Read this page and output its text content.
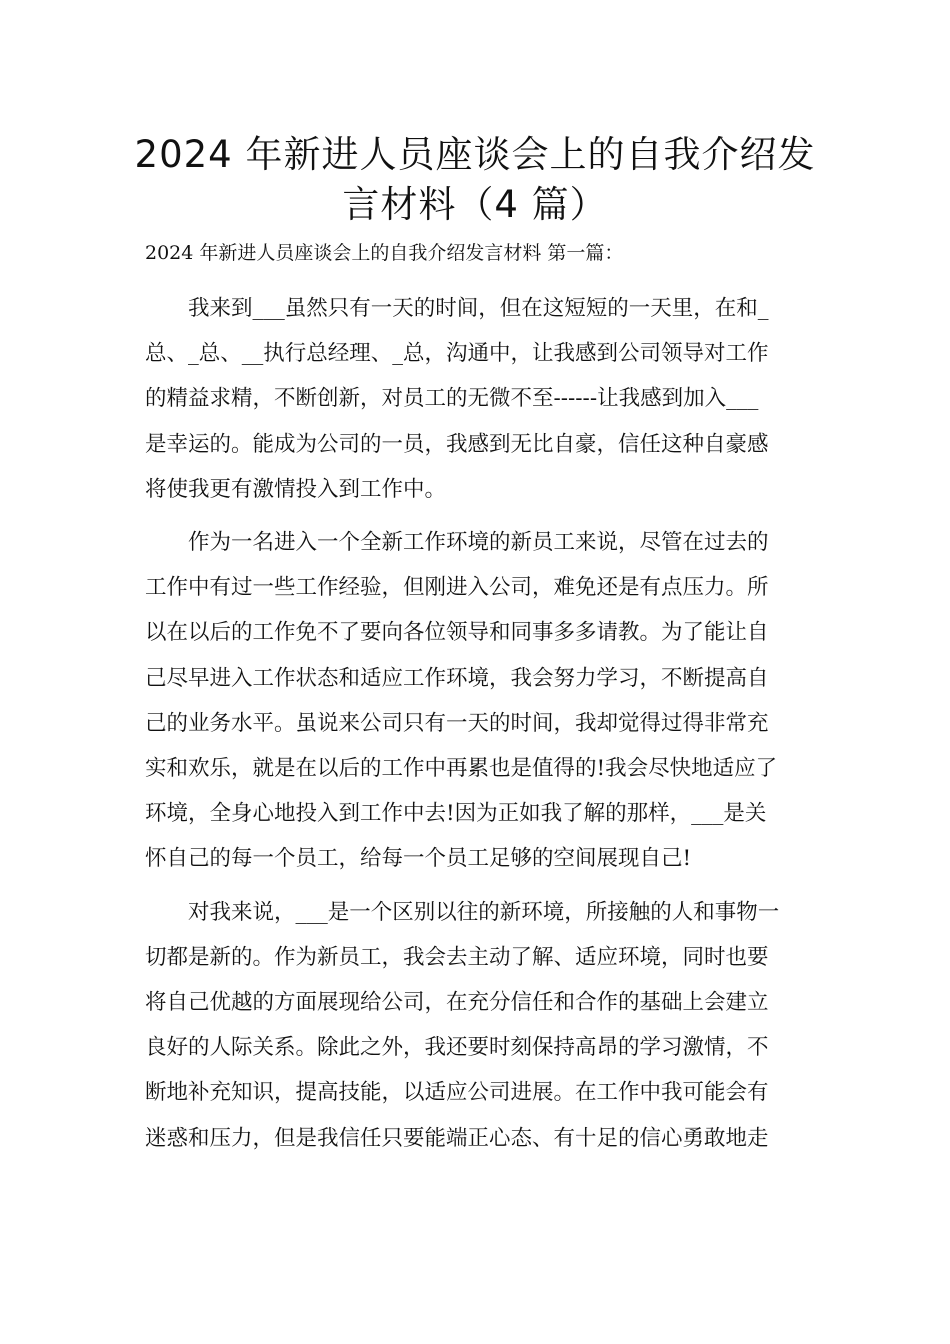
2024 年新进人员座谈会上的自我介绍发
言材料（4 篇）
2024 年新进人员座谈会上的自我介绍发言材料 第一篇：

　　我来到___虽然只有一天的时间，但在这短短的一天里，在和_
总、_总、__执行总经理、_总，沟通中，让我感到公司领导对工作
的精益求精，不断创新，对员工的无微不至------让我感到加入___
是幸运的。能成为公司的一员，我感到无比自豪，信任这种自豪感
将使我更有激情投入到工作中。

　　作为一名进入一个全新工作环境的新员工来说，尽管在过去的
工作中有过一些工作经验，但刚进入公司，难免还是有点压力。所
以在以后的工作免不了要向各位领导和同事多多请教。为了能让自
己尽早进入工作状态和适应工作环境，我会努力学习，不断提高自
己的业务水平。虽说来公司只有一天的时间，我却觉得过得非常充
实和欢乐，就是在以后的工作中再累也是值得的!我会尽快地适应了
环境，全身心地投入到工作中去!因为正如我了解的那样，___是关
怀自己的每一个员工，给每一个员工足够的空间展现自己!

　　对我来说，___是一个区别以往的新环境，所接触的人和事物一
切都是新的。作为新员工，我会去主动了解、适应环境，同时也要
将自己优越的方面展现给公司，在充分信任和合作的基础上会建立
良好的人际关系。除此之外，我还要时刻保持高昂的学习激情，不
断地补充知识，提高技能，以适应公司进展。在工作中我可能会有
迷惑和压力，但是我信任只要能端正心态、有十足的信心勇敢地走
